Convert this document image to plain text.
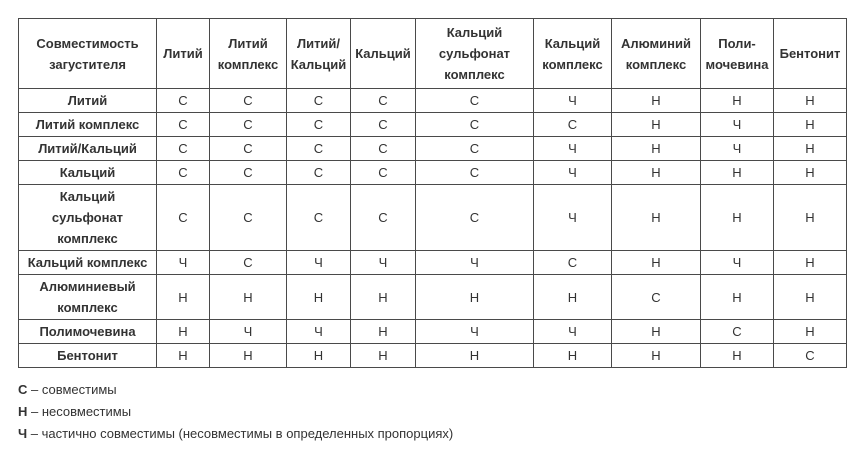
Совместимость загустителя	Литий	Литий комплекс	Литий/ Кальций	Кальций	Кальций сульфонат комплекс	Кальций комплекс	Алюминий комплекс	Поли-мочевина	Бентонит
Литий	С	С	С	С	С	Ч	Н	Н	Н
Литий комплекс	С	С	С	С	С	С	Н	Ч	Н
Литий/Кальций	С	С	С	С	С	Ч	Н	Ч	Н
Кальций	С	С	С	С	С	Ч	Н	Н	Н
Кальций сульфонат комплекс	С	С	С	С	С	Ч	Н	Н	Н
Кальций комплекс	Ч	С	Ч	Ч	Ч	С	Н	Ч	Н
Алюминиевый комплекс	Н	Н	Н	Н	Н	Н	С	Н	Н
Полимочевина	Н	Ч	Ч	Н	Ч	Ч	Н	С	Н
Бентонит	Н	Н	Н	Н	Н	Н	Н	Н	С
С – совместимы
Н – несовместимы
Ч – частично совместимы (несовместимы в определенных пропорциях)
